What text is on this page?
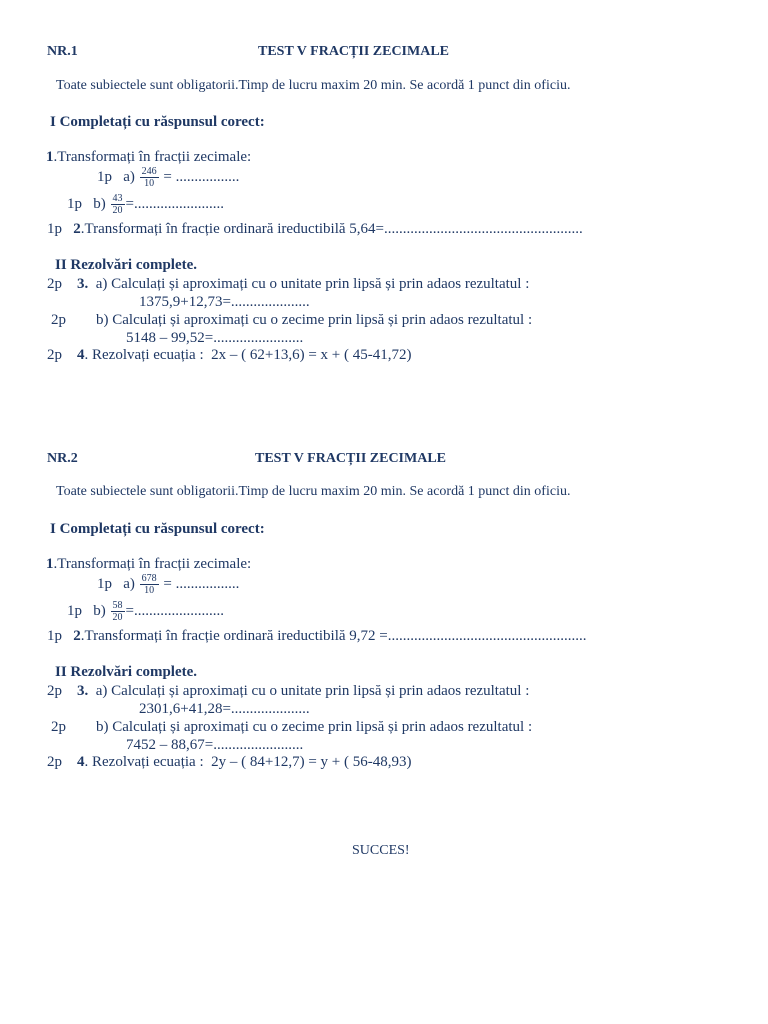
NR.1	TEST V FRACȚII ZECIMALE
Toate subiectele sunt obligatorii.Timp de lucru maxim 20 min. Se acordă 1 punct din oficiu.
I Completați cu răspunsul corect:
1.Transformați în fracții zecimale:
1p $a) \frac{246}{10}$ = .................
1p $b) \frac{43}{20}$ =........................
1p 2.Transformați în fracție ordinară ireductibilă 5,64=.....................................................
II Rezolvări complete.
2p 3. a) Calculați și aproximați cu o unitate prin lipsă și prin adaos rezultatul :
1375,9+12,73=.....................
2p b) Calculați și aproximați cu o zecime prin lipsă și prin adaos rezultatul :
5148 – 99,52=........................
2p 4. Rezolvați ecuația : 2x – ( 62+13,6) = x + ( 45-41,72)
NR.2	TEST V FRACȚII ZECIMALE
Toate subiectele sunt obligatorii.Timp de lucru maxim 20 min. Se acordă 1 punct din oficiu.
I Completați cu răspunsul corect:
1.Transformați în fracții zecimale:
1p $a) \frac{678}{10}$ = .................
1p $b) \frac{58}{20}$ =........................
1p 2.Transformați în fracție ordinară ireductibilă 9,72 =.....................................................
II Rezolvări complete.
2p 3. a) Calculați și aproximați cu o unitate prin lipsă și prin adaos rezultatul :
2301,6+41,28=.....................
2p b) Calculați și aproximați cu o zecime prin lipsă și prin adaos rezultatul :
7452 – 88,67=........................
2p 4. Rezolvați ecuația : 2y – ( 84+12,7) = y + ( 56-48,93)
SUCCES!
